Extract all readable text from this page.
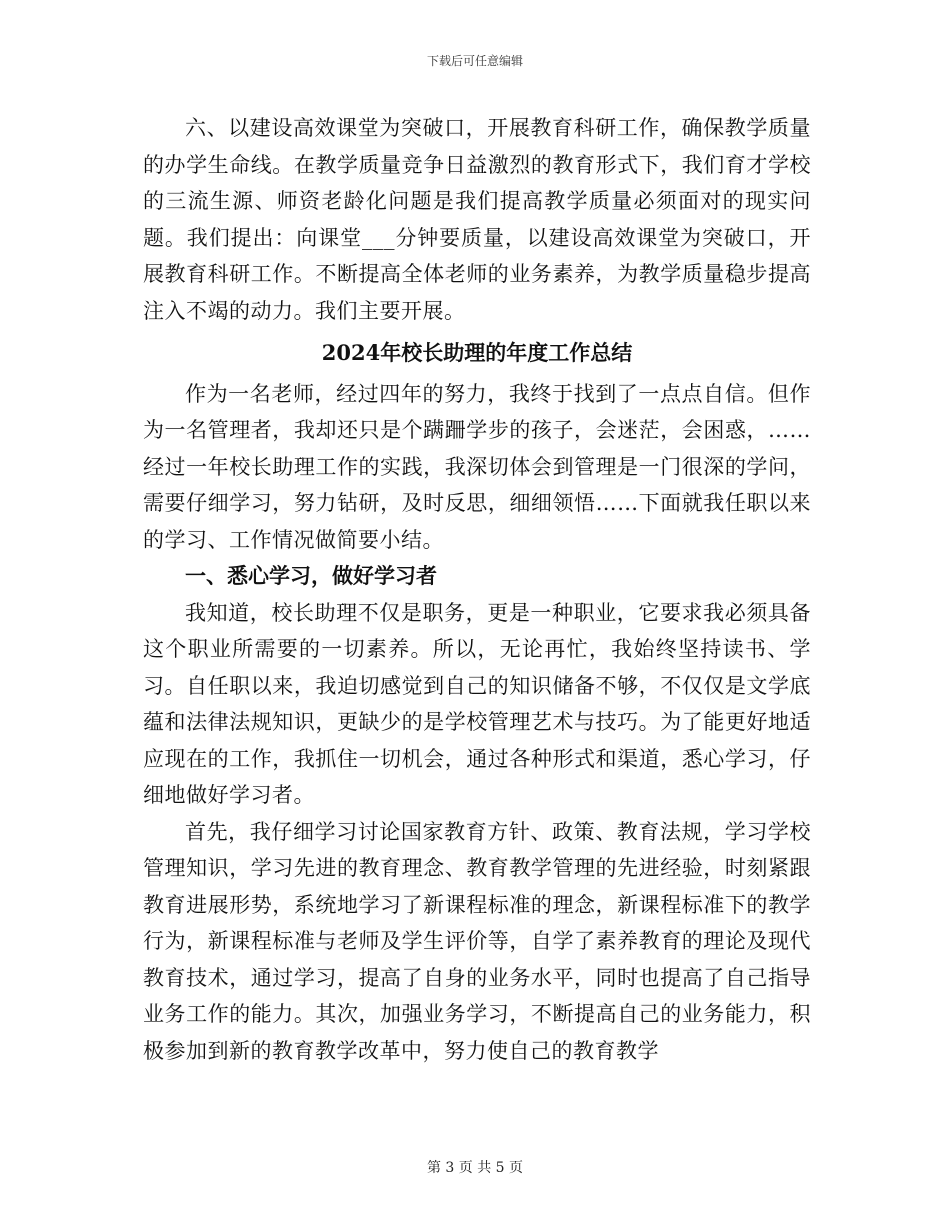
下载后可任意编辑

六、以建设高效课堂为突破口，开展教育科研工作，确保教学质量的办学生命线。在教学质量竞争日益激烈的教育形式下，我们育才学校的三流生源、师资老龄化问题是我们提高教学质量必须面对的现实问题。我们提出：向课堂___分钟要质量，以建设高效课堂为突破口，开展教育科研工作。不断提高全体老师的业务素养，为教学质量稳步提高注入不竭的动力。我们主要开展。

2024年校长助理的年度工作总结

作为一名老师，经过四年的努力，我终于找到了一点点自信。但作为一名管理者，我却还只是个蹒跚学步的孩子，会迷茫，会困惑，……经过一年校长助理工作的实践，我深切体会到管理是一门很深的学问，需要仔细学习，努力钻研，及时反思，细细领悟……下面就我任职以来的学习、工作情况做简要小结。

一、悉心学习，做好学习者

我知道，校长助理不仅是职务，更是一种职业，它要求我必须具备这个职业所需要的一切素养。所以，无论再忙，我始终坚持读书、学习。自任职以来，我迫切感觉到自己的知识储备不够，不仅仅是文学底蕴和法律法规知识，更缺少的是学校管理艺术与技巧。为了能更好地适应现在的工作，我抓住一切机会，通过各种形式和渠道，悉心学习，仔细地做好学习者。

首先，我仔细学习讨论国家教育方针、政策、教育法规，学习学校管理知识，学习先进的教育理念、教育教学管理的先进经验，时刻紧跟教育进展形势，系统地学习了新课程标准的理念，新课程标准下的教学行为，新课程标准与老师及学生评价等，自学了素养教育的理论及现代教育技术，通过学习，提高了自身的业务水平，同时也提高了自己指导业务工作的能力。其次，加强业务学习，不断提高自己的业务能力，积极参加到新的教育教学改革中，努力使自己的教育教学

第 3 页 共 5 页
